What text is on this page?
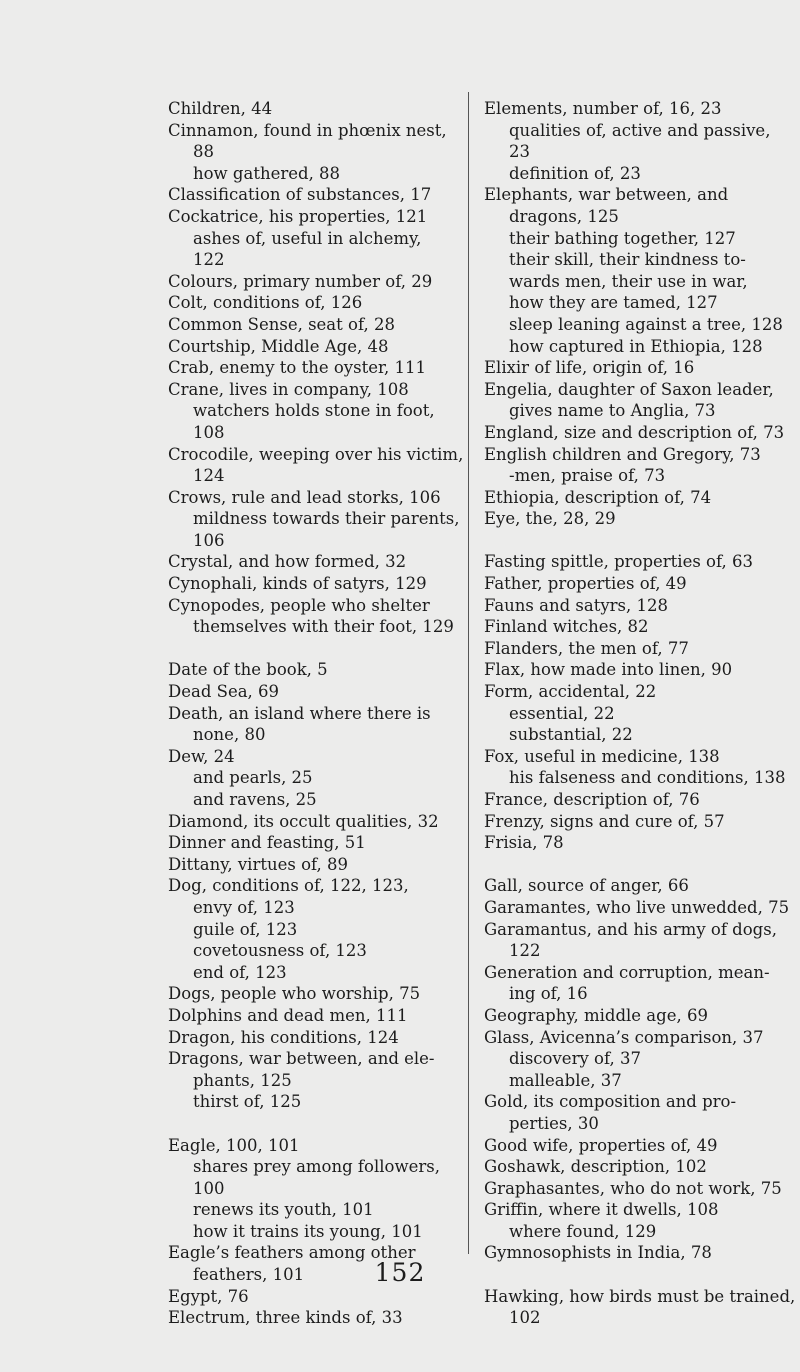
Children, 44
Cinnamon, found in phœnix nest,
88
how gathered, 88
Classification of substances, 17
Cockatrice, his properties, 121
ashes of, useful in alchemy,
122
Colours, primary number of, 29
Colt, conditions of, 126
Common Sense, seat of, 28
Courtship, Middle Age, 48
Crab, enemy to the oyster, 111
Crane, lives in company, 108
watchers holds stone in foot,
108
Crocodile, weeping over his victim,
124
Crows, rule and lead storks, 106
mildness towards their parents,
106
Crystal, and how formed, 32
Cynophali, kinds of satyrs, 129
Cynopodes, people who shelter
themselves with their foot, 129
Date of the book, 5
Dead Sea, 69
Death, an island where there is
none, 80
Dew, 24
and pearls, 25
and ravens, 25
Diamond, its occult qualities, 32
Dinner and feasting, 51
Dittany, virtues of, 89
Dog, conditions of, 122, 123,
envy of, 123
guile of, 123
covetousness of, 123
end of, 123
Dogs, people who worship, 75
Dolphins and dead men, 111
Dragon, his conditions, 124
Dragons, war between, and ele-
phants, 125
thirst of, 125
Eagle, 100, 101
shares prey among followers,
100
renews its youth, 101
how it trains its young, 101
Eagle’s feathers among other
feathers, 101
Egypt, 76
Electrum, three kinds of, 33
Elements, number of, 16, 23
qualities of, active and passive,
23
definition of, 23
Elephants, war between, and
dragons, 125
their bathing together, 127
their skill, their kindness to-
wards men, their use in war,
how they are tamed, 127
sleep leaning against a tree, 128
how captured in Ethiopia, 128
Elixir of life, origin of, 16
Engelia, daughter of Saxon leader,
gives name to Anglia, 73
England, size and description of, 73
English children and Gregory, 73
-men, praise of, 73
Ethiopia, description of, 74
Eye, the, 28, 29
Fasting spittle, properties of, 63
Father, properties of, 49
Fauns and satyrs, 128
Finland witches, 82
Flanders, the men of, 77
Flax, how made into linen, 90
Form, accidental, 22
essential, 22
substantial, 22
Fox, useful in medicine, 138
his falseness and conditions, 138
France, description of, 76
Frenzy, signs and cure of, 57
Frisia, 78
Gall, source of anger, 66
Garamantes, who live unwedded, 75
Garamantus, and his army of dogs,
122
Generation and corruption, mean-
ing of, 16
Geography, middle age, 69
Glass, Avicenna’s comparison, 37
discovery of, 37
malleable, 37
Gold, its composition and pro-
perties, 30
Good wife, properties of, 49
Goshawk, description, 102
Graphasantes, who do not work, 75
Griffin, where it dwells, 108
where found, 129
Gymnosophists in India, 78
Hawking, how birds must be trained,
102
152
